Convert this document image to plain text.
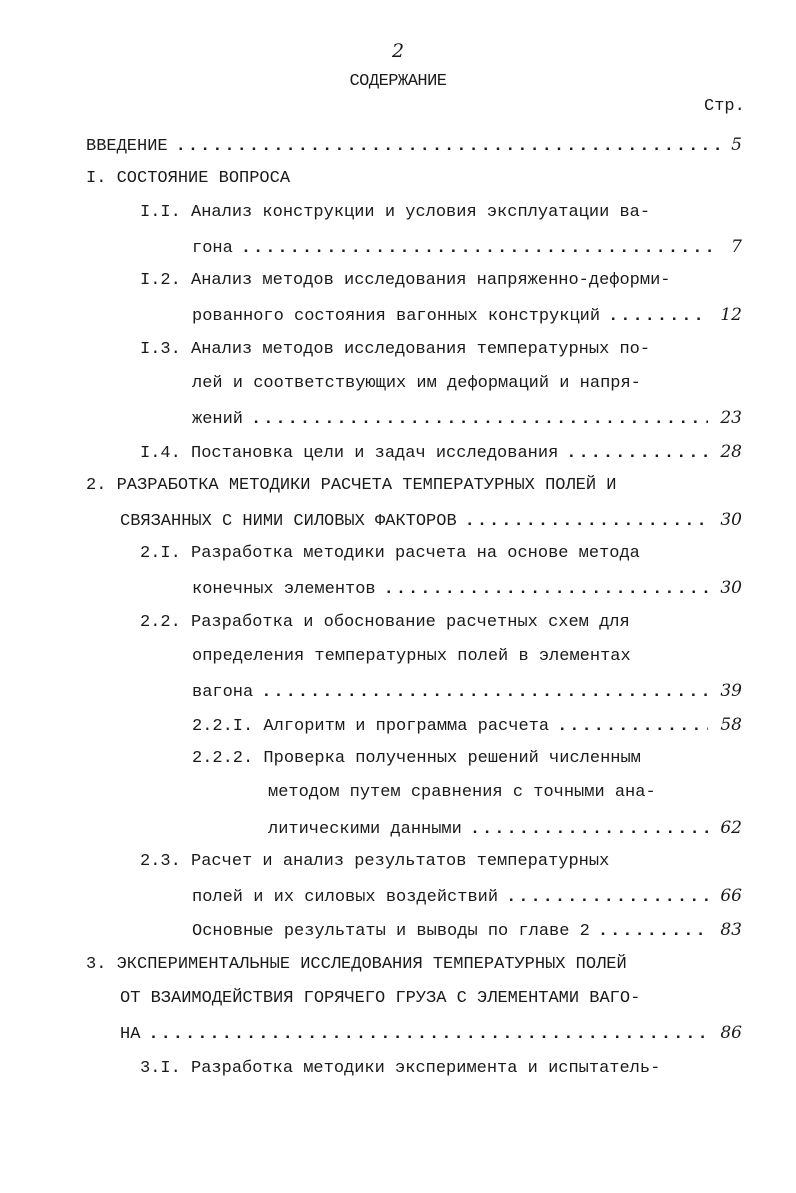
2
СОДЕРЖАНИЕ
Стр.
ВВЕДЕНИЕ .....	5
I. СОСТОЯНИЕ ВОПРОСА
I.I. Анализ конструкции и условия эксплуатации ва-
гона .....	7
I.2. Анализ методов исследования напряженно-деформи-
рованного состояния вагонных конструкций .....	12
I.3. Анализ методов исследования температурных по-
лей и соответствующих им деформаций и напря-
жений .....	23
I.4. Постановка цели и задач исследования .....	28
2. РАЗРАБОТКА МЕТОДИКИ РАСЧЕТА ТЕМПЕРАТУРНЫХ ПОЛЕЙ И
СВЯЗАННЫХ С НИМИ СИЛОВЫХ ФАКТОРОВ .....	30
2.I. Разработка методики расчета на основе метода
конечных элементов .....	30
2.2. Разработка и обоснование расчетных схем для
определения температурных полей в элементах
вагона .....	39
2.2.I. Алгоритм и программа расчета .....	58
2.2.2. Проверка полученных решений численным
методом путем сравнения с точными ана-
литическими данными .....	62
2.3. Расчет и анализ результатов температурных
полей и их силовых воздействий .....	66
Основные результаты и выводы по главе 2 .....	83
3. ЭКСПЕРИМЕНТАЛЬНЫЕ ИССЛЕДОВАНИЯ ТЕМПЕРАТУРНЫХ ПОЛЕЙ
ОТ ВЗАИМОДЕЙСТВИЯ ГОРЯЧЕГО ГРУЗА С ЭЛЕМЕНТАМИ ВАГО-
НА .....	86
3.I. Разработка методики эксперимента и испытатель-
